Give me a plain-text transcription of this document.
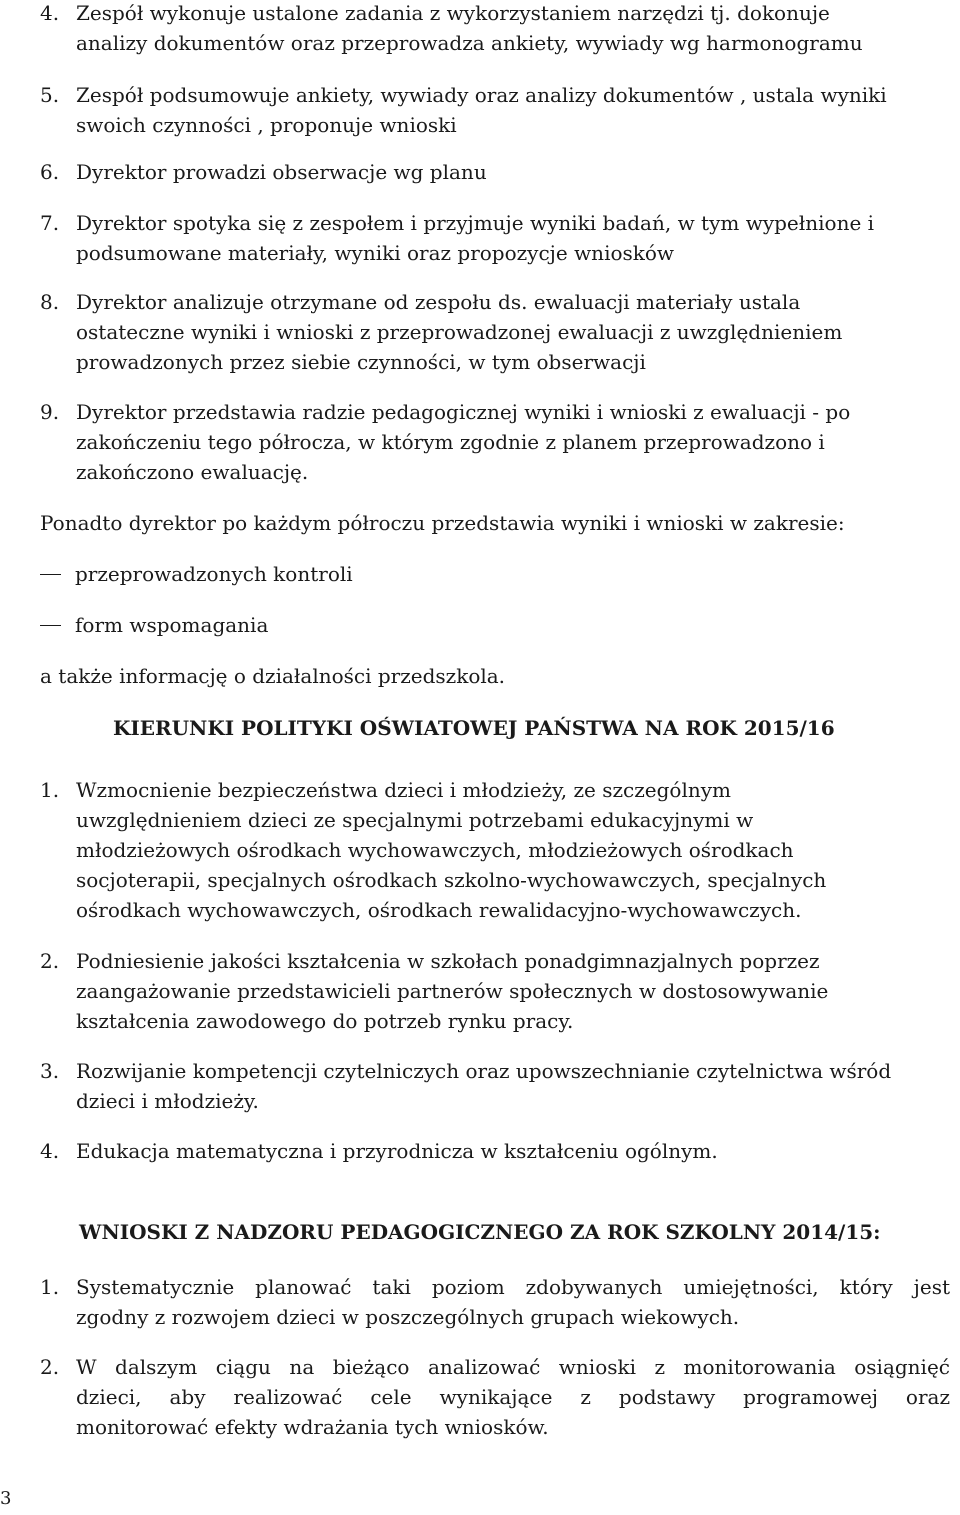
4. Zespół wykonuje ustalone zadania z wykorzystaniem narzędzi tj. dokonuje
analizy dokumentów oraz przeprowadza ankiety, wywiady wg harmonogramu
5. Zespół podsumowuje ankiety, wywiady oraz analizy dokumentów , ustala wyniki
swoich czynności , proponuje wnioski
6. Dyrektor prowadzi obserwacje wg planu
7. Dyrektor spotyka się z zespołem i przyjmuje wyniki badań, w tym wypełnione i
podsumowane materiały, wyniki oraz propozycje wniosków
8. Dyrektor analizuje otrzymane od zespołu ds. ewaluacji materiały ustala
ostateczne wyniki i wnioski z przeprowadzonej ewaluacji z uwzględnieniem
prowadzonych przez siebie czynności, w tym obserwacji
9. Dyrektor przedstawia radzie pedagogicznej wyniki i wnioski z ewaluacji - po
zakończeniu tego półrocza, w którym zgodnie z planem przeprowadzono i
zakończono ewaluację.
Ponadto dyrektor po każdym półroczu przedstawia wyniki i wnioski w zakresie:
przeprowadzonych kontroli
form wspomagania
a także informację o działalności przedszkola.
KIERUNKI POLITYKI OŚWIATOWEJ PAŃSTWA NA ROK 2015/16
1. Wzmocnienie bezpieczeństwa dzieci i młodzieży, ze szczególnym
uwzględnieniem dzieci ze specjalnymi potrzebami edukacyjnymi w
młodzieżowych ośrodkach wychowawczych, młodzieżowych ośrodkach
socjoterapii, specjalnych ośrodkach szkolno-wychowawczych, specjalnych
ośrodkach wychowawczych, ośrodkach rewalidacyjno-wychowawczych.
2. Podniesienie jakości kształcenia w szkołach ponadgimnazjalnych poprzez
zaangażowanie przedstawicieli partnerów społecznych w dostosowywanie
kształcenia zawodowego do potrzeb rynku pracy.
3. Rozwijanie kompetencji czytelniczych oraz upowszechnianie czytelnictwa wśród
dzieci i młodzieży.
4. Edukacja matematyczna i przyrodnicza w kształceniu ogólnym.
WNIOSKI Z NADZORU PEDAGOGICZNEGO ZA ROK SZKOLNY 2014/15:
1. Systematycznie planować taki poziom zdobywanych umiejętności, który jest
zgodny z rozwojem dzieci w poszczególnych grupach wiekowych.
2. W dalszym ciągu na bieżąco analizować wnioski z monitorowania osiągnięć
dzieci, aby realizować cele wynikające z podstawy programowej oraz
monitorować efekty wdrażania tych wniosków.
3
